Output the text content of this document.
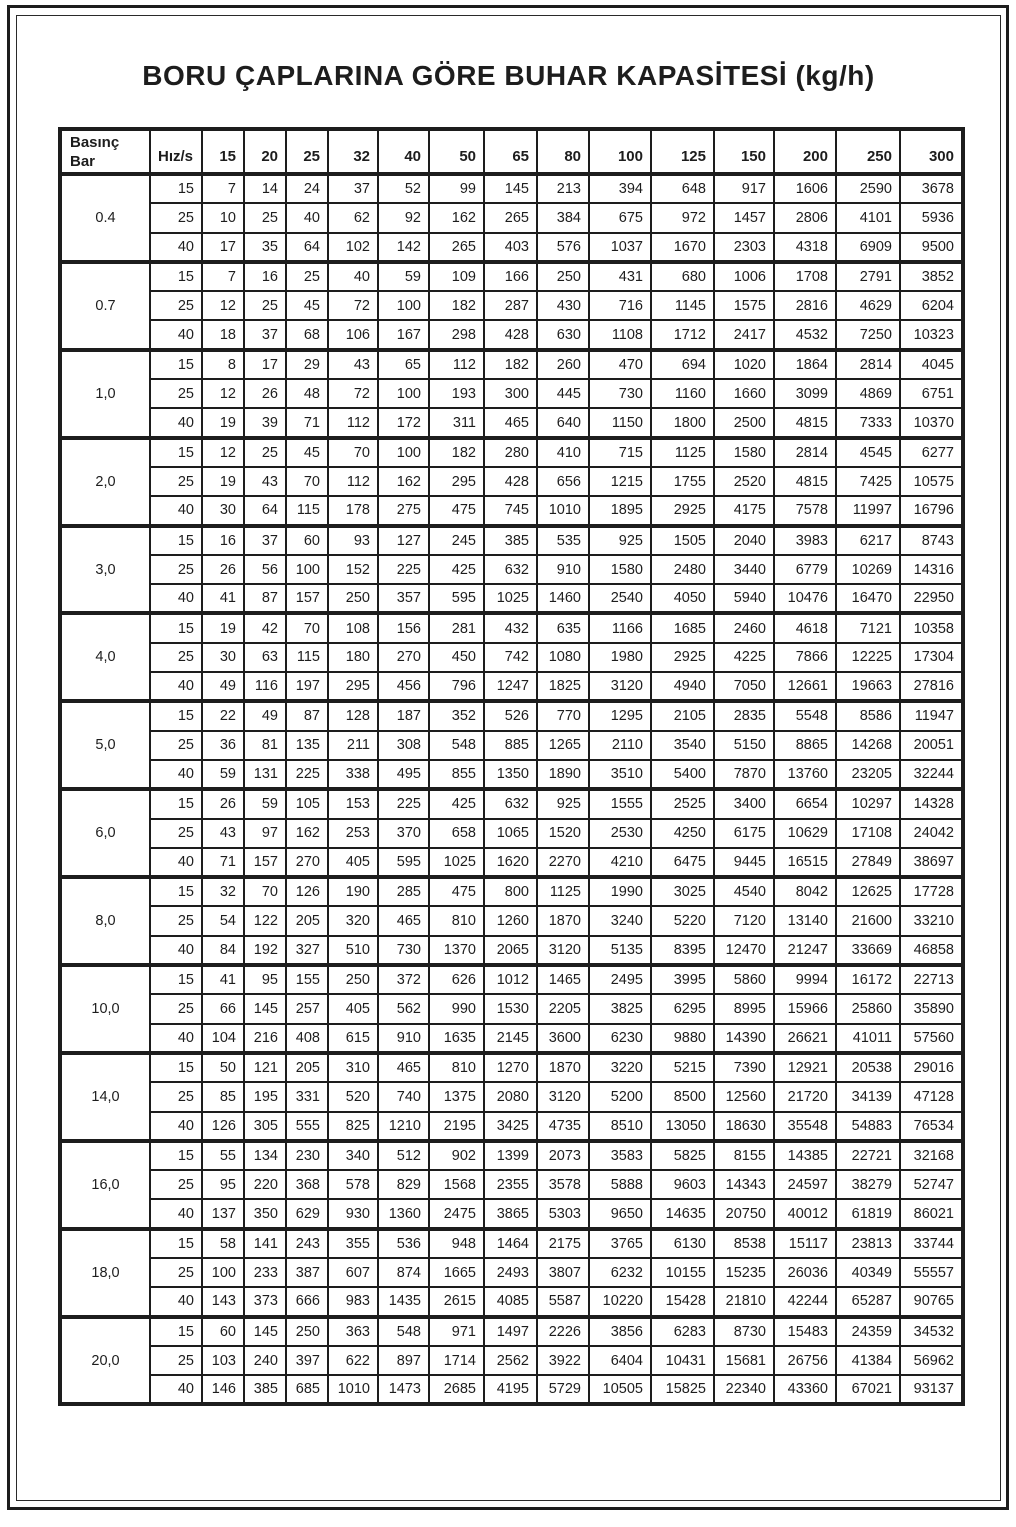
BORU ÇAPLARINA GÖRE BUHAR KAPASİTESİ (kg/h)
Basınç
Bar	Hız/s	15	20	25	32	40	50	65	80	100	125	150	200	250	300
0.4	15	7	14	24	37	52	99	145	213	394	648	917	1606	2590	3678
	25	10	25	40	62	92	162	265	384	675	972	1457	2806	4101	5936
	40	17	35	64	102	142	265	403	576	1037	1670	2303	4318	6909	9500
0.7	15	7	16	25	40	59	109	166	250	431	680	1006	1708	2791	3852
	25	12	25	45	72	100	182	287	430	716	1145	1575	2816	4629	6204
	40	18	37	68	106	167	298	428	630	1108	1712	2417	4532	7250	10323
1,0	15	8	17	29	43	65	112	182	260	470	694	1020	1864	2814	4045
	25	12	26	48	72	100	193	300	445	730	1160	1660	3099	4869	6751
	40	19	39	71	112	172	311	465	640	1150	1800	2500	4815	7333	10370
2,0	15	12	25	45	70	100	182	280	410	715	1125	1580	2814	4545	6277
	25	19	43	70	112	162	295	428	656	1215	1755	2520	4815	7425	10575
	40	30	64	115	178	275	475	745	1010	1895	2925	4175	7578	11997	16796
3,0	15	16	37	60	93	127	245	385	535	925	1505	2040	3983	6217	8743
	25	26	56	100	152	225	425	632	910	1580	2480	3440	6779	10269	14316
	40	41	87	157	250	357	595	1025	1460	2540	4050	5940	10476	16470	22950
4,0	15	19	42	70	108	156	281	432	635	1166	1685	2460	4618	7121	10358
	25	30	63	115	180	270	450	742	1080	1980	2925	4225	7866	12225	17304
	40	49	116	197	295	456	796	1247	1825	3120	4940	7050	12661	19663	27816
5,0	15	22	49	87	128	187	352	526	770	1295	2105	2835	5548	8586	11947
	25	36	81	135	211	308	548	885	1265	2110	3540	5150	8865	14268	20051
	40	59	131	225	338	495	855	1350	1890	3510	5400	7870	13760	23205	32244
6,0	15	26	59	105	153	225	425	632	925	1555	2525	3400	6654	10297	14328
	25	43	97	162	253	370	658	1065	1520	2530	4250	6175	10629	17108	24042
	40	71	157	270	405	595	1025	1620	2270	4210	6475	9445	16515	27849	38697
8,0	15	32	70	126	190	285	475	800	1125	1990	3025	4540	8042	12625	17728
	25	54	122	205	320	465	810	1260	1870	3240	5220	7120	13140	21600	33210
	40	84	192	327	510	730	1370	2065	3120	5135	8395	12470	21247	33669	46858
10,0	15	41	95	155	250	372	626	1012	1465	2495	3995	5860	9994	16172	22713
	25	66	145	257	405	562	990	1530	2205	3825	6295	8995	15966	25860	35890
	40	104	216	408	615	910	1635	2145	3600	6230	9880	14390	26621	41011	57560
14,0	15	50	121	205	310	465	810	1270	1870	3220	5215	7390	12921	20538	29016
	25	85	195	331	520	740	1375	2080	3120	5200	8500	12560	21720	34139	47128
	40	126	305	555	825	1210	2195	3425	4735	8510	13050	18630	35548	54883	76534
16,0	15	55	134	230	340	512	902	1399	2073	3583	5825	8155	14385	22721	32168
	25	95	220	368	578	829	1568	2355	3578	5888	9603	14343	24597	38279	52747
	40	137	350	629	930	1360	2475	3865	5303	9650	14635	20750	40012	61819	86021
18,0	15	58	141	243	355	536	948	1464	2175	3765	6130	8538	15117	23813	33744
	25	100	233	387	607	874	1665	2493	3807	6232	10155	15235	26036	40349	55557
	40	143	373	666	983	1435	2615	4085	5587	10220	15428	21810	42244	65287	90765
20,0	15	60	145	250	363	548	971	1497	2226	3856	6283	8730	15483	24359	34532
	25	103	240	397	622	897	1714	2562	3922	6404	10431	15681	26756	41384	56962
	40	146	385	685	1010	1473	2685	4195	5729	10505	15825	22340	43360	67021	93137
